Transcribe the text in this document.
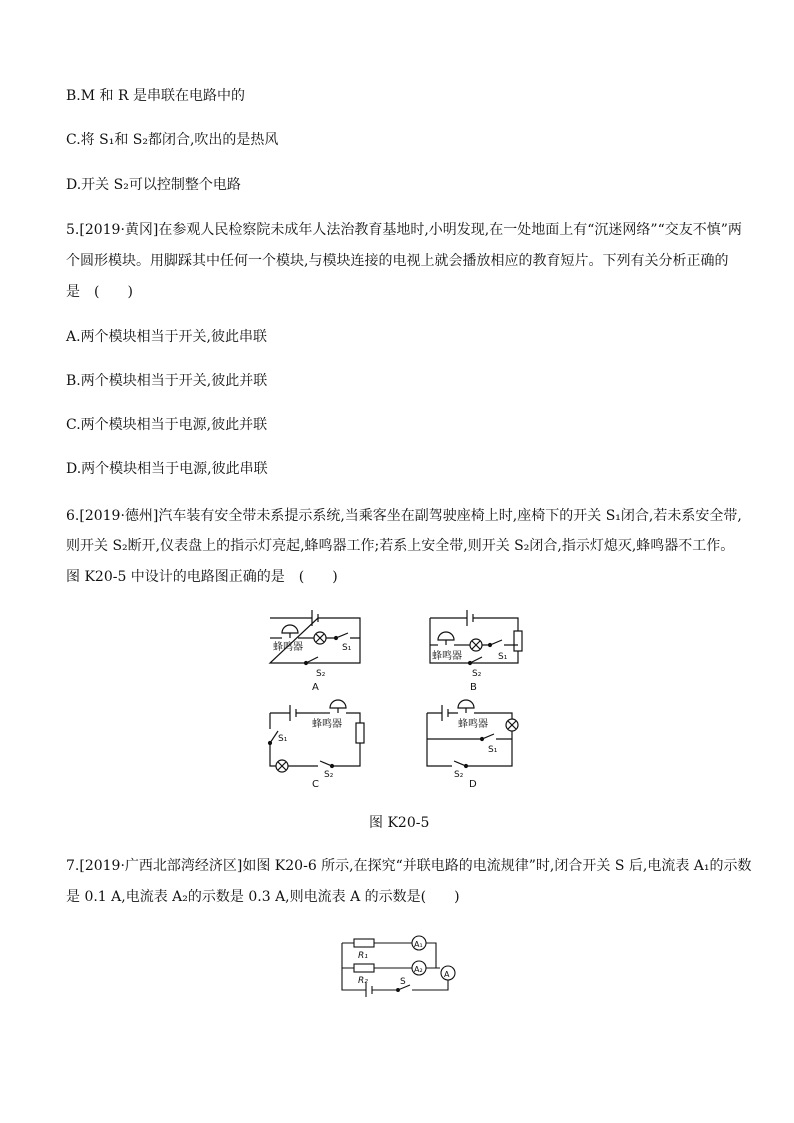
B.M 和 R 是串联在电路中的
C.将 S₁和 S₂都闭合,吹出的是热风
D.开关 S₂可以控制整个电路
5.[2019·黄冈]在参观人民检察院未成年人法治教育基地时,小明发现,在一处地面上有“沉迷网络”“交友不慎”两
个圆形模块。用脚踩其中任何一个模块,与模块连接的电视上就会播放相应的教育短片。下列有关分析正确的
是　(　　)
A.两个模块相当于开关,彼此串联
B.两个模块相当于开关,彼此并联
C.两个模块相当于电源,彼此并联
D.两个模块相当于电源,彼此串联
6.[2019·德州]汽车装有安全带未系提示系统,当乘客坐在副驾驶座椅上时,座椅下的开关 S₁闭合,若未系安全带,
则开关 S₂断开,仪表盘上的指示灯亮起,蜂鸣器工作;若系上安全带,则开关 S₂闭合,指示灯熄灭,蜂鸣器不工作。
图 K20-5 中设计的电路图正确的是　(　　)
蜂鸣器	S₁
S₂
A
蜂鸣器	S₁
S₂
B
蜂鸣器
S₁
S₂
C
蜂鸣器
S₁
S₂
D
图 K20-5
7.[2019·广西北部湾经济区]如图 K20-6 所示,在探究“并联电路的电流规律”时,闭合开关 S 后,电流表 A₁的示数
是 0.1 A,电流表 A₂的示数是 0.3 A,则电流表 A 的示数是(　　)
R₁
R₂
A₁
A₂
A
S
